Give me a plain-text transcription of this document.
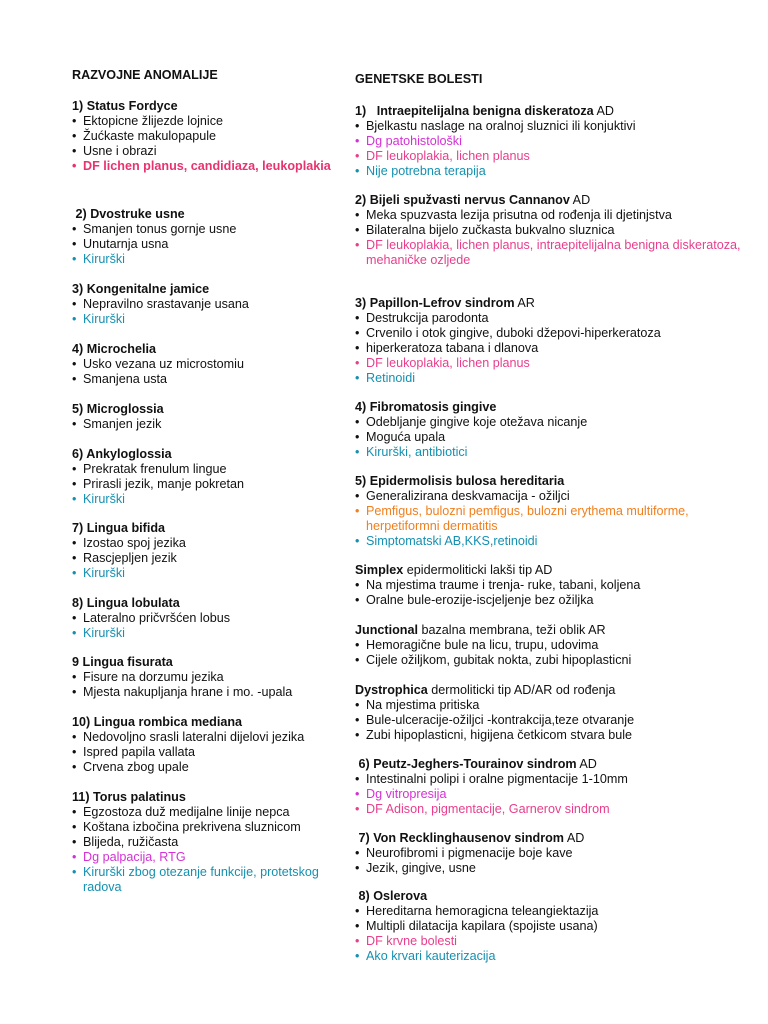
RAZVOJNE ANOMALIJE
1) Status Fordyce
• Ektopicne žlijezde lojnice
• Žućkaste makulopapule
• Usne i obrazi
• DF lichen planus, candidiaza, leukoplakia
2) Dvostruke usne
• Smanjen tonus gornje usne
• Unutarnja usna
• Kirurški
3) Kongenitalne jamice
• Nepravilno srastavanje usana
• Kirurški
4) Microchelia
• Usko vezana uz microstomiu
• Smanjena usta
5) Microglossia
• Smanjen jezik
6) Ankyloglossia
• Prekratak frenulum lingue
• Prirasli jezik, manje pokretan
• Kirurški
7) Lingua bifida
• Izostao spoj jezika
• Rascjepljen jezik
• Kirurški
8) Lingua lobulata
• Lateralno pričvršćen lobus
• Kirurški
9 Lingua fisurata
• Fisure na dorzumu jezika
• Mjesta nakupljanja hrane i mo. -upala
10) Lingua rombica mediana
• Nedovoljno srasli lateralni dijelovi jezika
• Ispred papila vallata
• Crvena zbog upale
11) Torus palatinus
• Egzostoza duž medijalne linije nepca
• Koštana izbočina prekrivena sluznicom
• Blijeda, ružičasta
• Dg palpacija, RTG
• Kirurški zbog otezanje funkcije, protetskog radova
GENETSKE BOLESTI
1)   Intraepitelijalna benigna diskeratoza AD
• Bjelkastu naslage na oralnoj sluznici ili konjuktivi
• Dg patohistološki
• DF leukoplakia, lichen planus
• Nije potrebna terapija
2) Bijeli spužvasti nervus Cannanov AD
• Meka spuzvasta lezija prisutna od rođenja ili djetinjstva
• Bilateralna bijelo zučkasta bukvalno sluznica
• DF leukoplakia, lichen planus, intraepitelijalna benigna diskeratoza, mehaničke ozljede
3) Papillon-Lefrov sindrom AR
• Destrukcija parodonta
• Crvenilo i otok gingive, duboki džepovi-hiperkeratoza
• hiperkeratoza tabana i dlanova
• DF leukoplakia, lichen planus
• Retinoidi
4) Fibromatosis gingive
• Odebljanje gingive koje otežava nicanje
• Moguća upala
• Kirurški, antibiotici
5) Epidermolisis bulosa hereditaria
• Generalizirana deskvamacija - ožiljci
• Pemfigus, bulozni pemfigus, bulozni erythema multiforme, herpetiformni dermatitis
• Simptomatski AB,KKS,retinoidi
Simplex epidermoliticki lakši tip AD
• Na mjestima traume i trenja- ruke, tabani, koljena
• Oralne bule-erozije-iscjeljenje bez ožiljka
Junctional bazalna membrana, teži oblik AR
• Hemoragične bule na licu, trupu, udovima
• Cijele ožiljkom, gubitak nokta, zubi hipoplasticni
Dystrophica dermoliticki tip AD/AR od rođenja
• Na mjestima pritiska
• Bule-ulceracije-ožiljci -kontrakcija,teze otvaranje
• Zubi hipoplasticni, higijena četkicom stvara bule
6) Peutz-Jeghers-Tourainov sindrom AD
• Intestinalni polipi i oralne pigmentacije 1-10mm
• Dg vitropresija
• DF Adison, pigmentacije, Garnerov sindrom
7) Von Recklinghausenov sindrom AD
• Neurofibromi i pigmenacije boje kave
• Jezik, gingive, usne
8) Oslerova
• Hereditarna hemoragicna teleangiektazija
• Multipli dilatacija kapilara (spojiste usana)
• DF krvne bolesti
• Ako krvari kauterizacija
